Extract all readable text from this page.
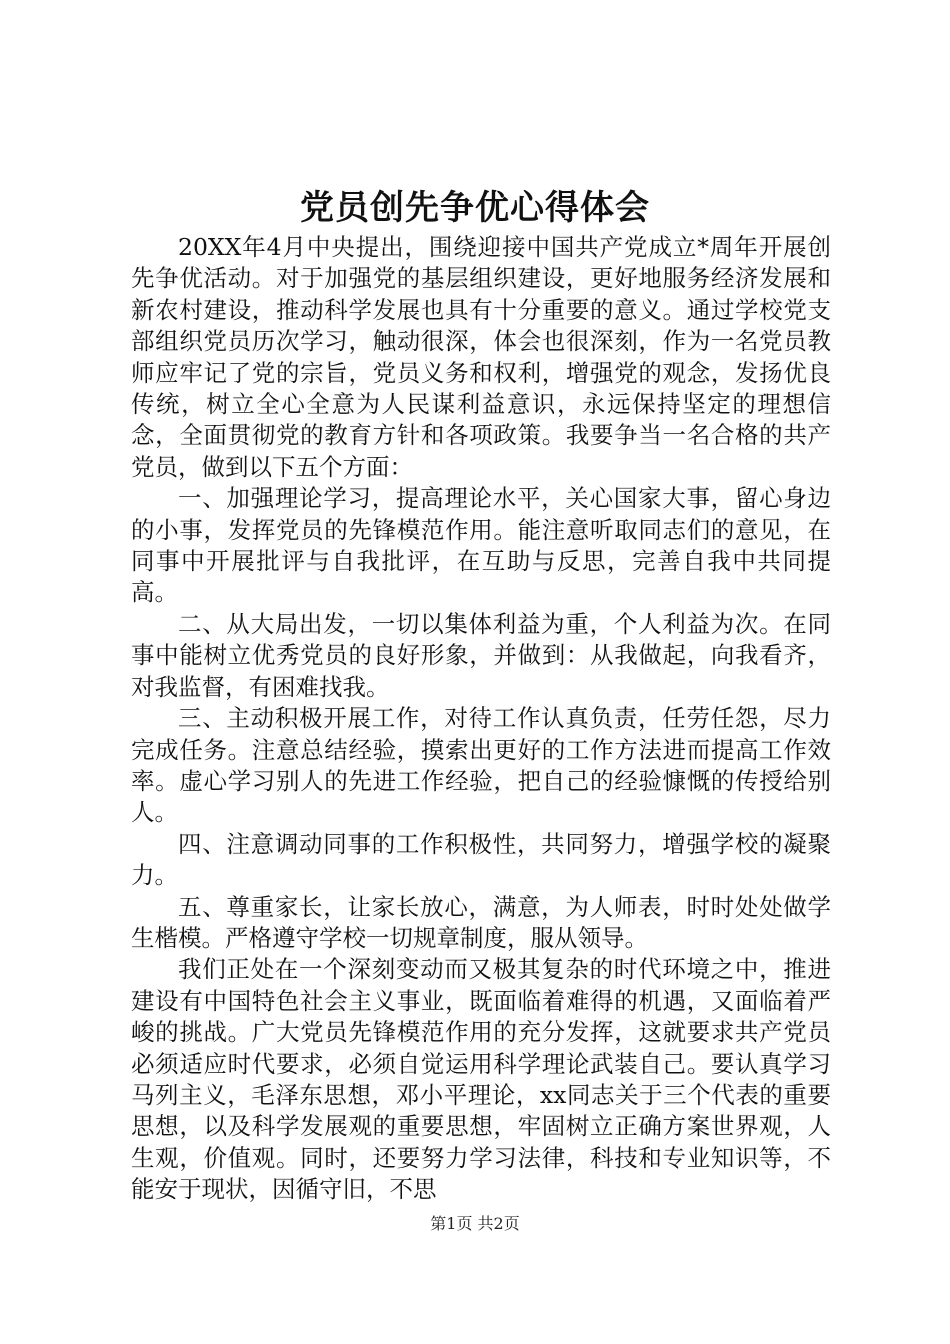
党员创先争优心得体会

20XX年4月中央提出，围绕迎接中国共产党成立*周年开展创先争优活动。对于加强党的基层组织建设，更好地服务经济发展和新农村建设，推动科学发展也具有十分重要的意义。通过学校党支部组织党员历次学习，触动很深，体会也很深刻，作为一名党员教师应牢记了党的宗旨，党员义务和权利，增强党的观念，发扬优良传统，树立全心全意为人民谋利益意识，永远保持坚定的理想信念，全面贯彻党的教育方针和各项政策。我要争当一名合格的共产党员，做到以下五个方面：

一、加强理论学习，提高理论水平，关心国家大事，留心身边的小事，发挥党员的先锋模范作用。能注意听取同志们的意见，在同事中开展批评与自我批评，在互助与反思，完善自我中共同提高。

二、从大局出发，一切以集体利益为重，个人利益为次。在同事中能树立优秀党员的良好形象，并做到：从我做起，向我看齐，对我监督，有困难找我。

三、主动积极开展工作，对待工作认真负责，任劳任怨，尽力完成任务。注意总结经验，摸索出更好的工作方法进而提高工作效率。虚心学习别人的先进工作经验，把自己的经验慷慨的传授给别人。

四、注意调动同事的工作积极性，共同努力，增强学校的凝聚力。

五、尊重家长，让家长放心，满意，为人师表，时时处处做学生楷模。严格遵守学校一切规章制度，服从领导。

我们正处在一个深刻变动而又极其复杂的时代环境之中，推进建设有中国特色社会主义事业，既面临着难得的机遇，又面临着严峻的挑战。广大党员先锋模范作用的充分发挥，这就要求共产党员必须适应时代要求，必须自觉运用科学理论武装自己。要认真学习马列主义，毛泽东思想，邓小平理论，xx同志关于三个代表的重要思想，以及科学发展观的重要思想，牢固树立正确方案世界观，人生观，价值观。同时，还要努力学习法律，科技和专业知识等，不能安于现状，因循守旧，不思

第1页 共2页
